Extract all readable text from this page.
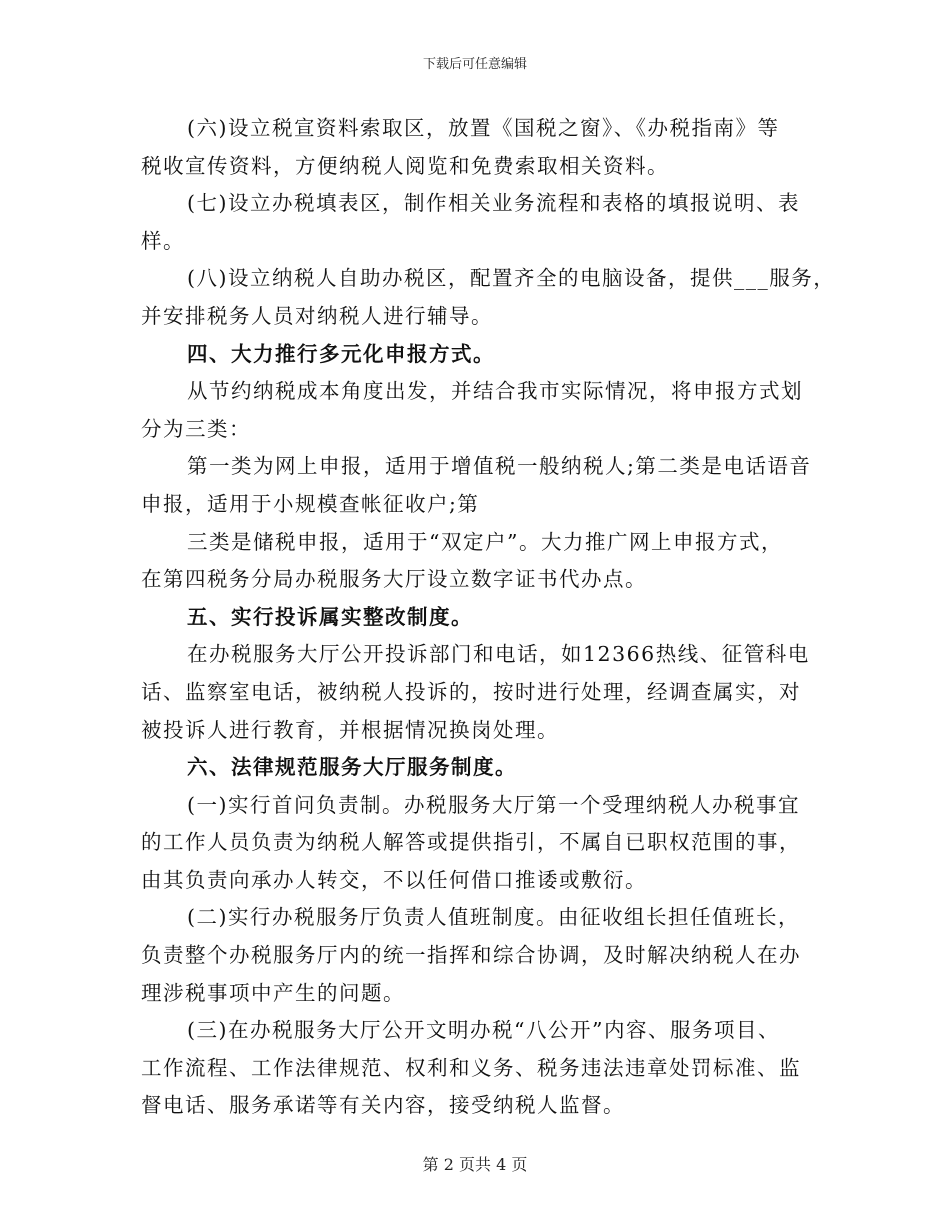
下载后可任意编辑
(六)设立税宣资料索取区，放置《国税之窗》、《办税指南》等
税收宣传资料，方便纳税人阅览和免费索取相关资料。
(七)设立办税填表区，制作相关业务流程和表格的填报说明、表
样。
(八)设立纳税人自助办税区，配置齐全的电脑设备，提供___服务，
并安排税务人员对纳税人进行辅导。
四、大力推行多元化申报方式。
从节约纳税成本角度出发，并结合我市实际情况，将申报方式划
分为三类：
第一类为网上申报，适用于增值税一般纳税人;第二类是电话语音
申报，适用于小规模查帐征收户;第
三类是储税申报，适用于“双定户”。大力推广网上申报方式，
在第四税务分局办税服务大厅设立数字证书代办点。
五、实行投诉属实整改制度。
在办税服务大厅公开投诉部门和电话，如12366热线、征管科电
话、监察室电话，被纳税人投诉的，按时进行处理，经调查属实，对
被投诉人进行教育，并根据情况换岗处理。
六、法律规范服务大厅服务制度。
(一)实行首问负责制。办税服务大厅第一个受理纳税人办税事宜
的工作人员负责为纳税人解答或提供指引，不属自已职权范围的事，
由其负责向承办人转交，不以任何借口推诿或敷衍。
(二)实行办税服务厅负责人值班制度。由征收组长担任值班长，
负责整个办税服务厅内的统一指挥和综合协调，及时解决纳税人在办
理涉税事项中产生的问题。
(三)在办税服务大厅公开文明办税“八公开”内容、服务项目、
工作流程、工作法律规范、权利和义务、税务违法违章处罚标准、监
督电话、服务承诺等有关内容，接受纳税人监督。
第 2 页共 4 页
